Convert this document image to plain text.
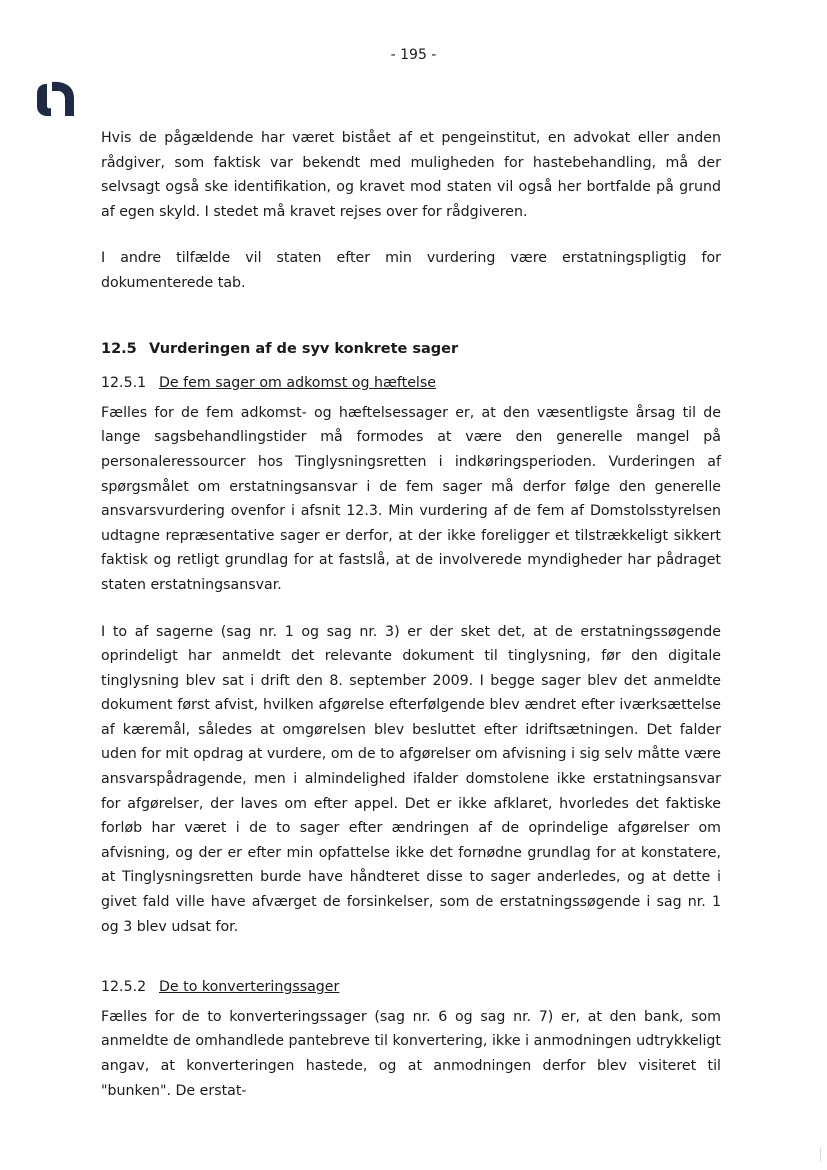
- 195 -

Hvis de pågældende har været bistået af et pengeinstitut, en advokat eller anden rådgiver, som faktisk var bekendt med muligheden for hastebehandling, må der selvsagt også ske identifikation, og kravet mod staten vil også her bortfalde på grund af egen skyld. I stedet må kravet rejses over for rådgiveren.

I andre tilfælde vil staten efter min vurdering være erstatningspligtig for dokumenterede tab.

12.5 Vurderingen af de syv konkrete sager
12.5.1 De fem sager om adkomst og hæftelse

Fælles for de fem adkomst- og hæftelsessager er, at den væsentligste årsag til de lange sagsbehandlingstider må formodes at være den generelle mangel på personaleressourcer hos Tinglysningsretten i indkøringsperioden. Vurderingen af spørgsmålet om erstatningsansvar i de fem sager må derfor følge den generelle ansvarsvurdering ovenfor i afsnit 12.3. Min vurdering af de fem af Domstolsstyrelsen udtagne repræsentative sager er derfor, at der ikke foreligger et tilstrækkeligt sikkert faktisk og retligt grundlag for at fastslå, at de involverede myndigheder har pådraget staten erstatningsansvar.

I to af sagerne (sag nr. 1 og sag nr. 3) er der sket det, at de erstatningssøgende oprindeligt har anmeldt det relevante dokument til tinglysning, før den digitale tinglysning blev sat i drift den 8. september 2009. I begge sager blev det anmeldte dokument først afvist, hvilken afgørelse efterfølgende blev ændret efter iværksættelse af kæremål, således at omgørelsen blev besluttet efter idriftsætningen. Det falder uden for mit opdrag at vurdere, om de to afgørelser om afvisning i sig selv måtte være ansvarspådragende, men i almindelighed ifalder domstolene ikke erstatningsansvar for afgørelser, der laves om efter appel. Det er ikke afklaret, hvorledes det faktiske forløb har været i de to sager efter ændringen af de oprindelige afgørelser om afvisning, og der er efter min opfattelse ikke det fornødne grundlag for at konstatere, at Tinglysningsretten burde have håndteret disse to sager anderledes, og at dette i givet fald ville have afværget de forsinkelser, som de erstatningssøgende i sag nr. 1 og 3 blev udsat for.

12.5.2 De to konverteringssager

Fælles for de to konverteringssager (sag nr. 6 og sag nr. 7) er, at den bank, som anmeldte de omhandlede pantebreve til konvertering, ikke i anmodningen udtrykkeligt angav, at konverteringen hastede, og at anmodningen derfor blev visiteret til "bunken". De erstat-
